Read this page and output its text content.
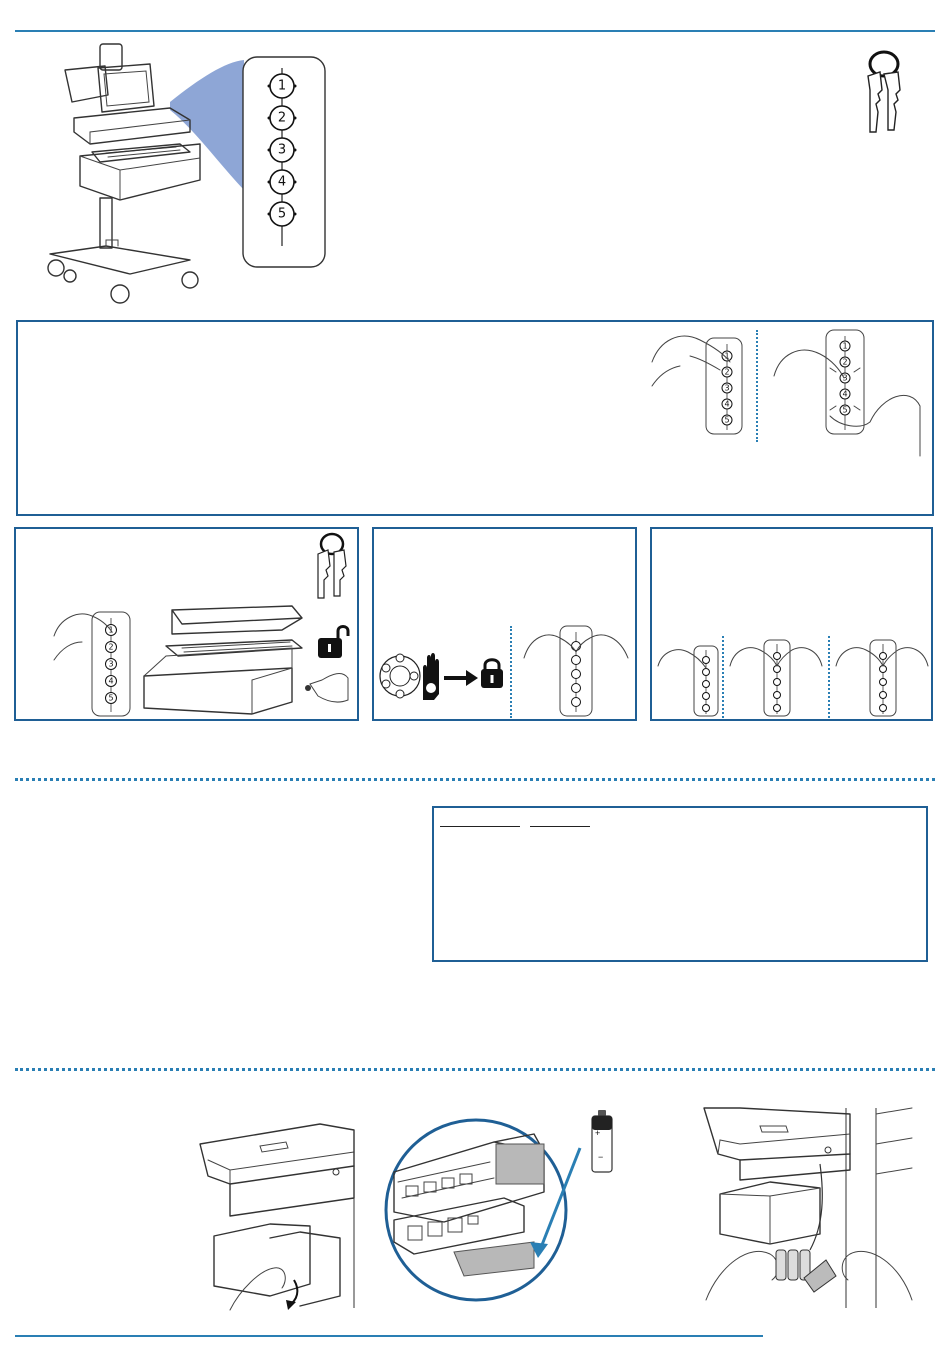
1
2
3
4
5
1
2
3
4
5
1
2
3
4
5
1
2
3
4
5
+
−
